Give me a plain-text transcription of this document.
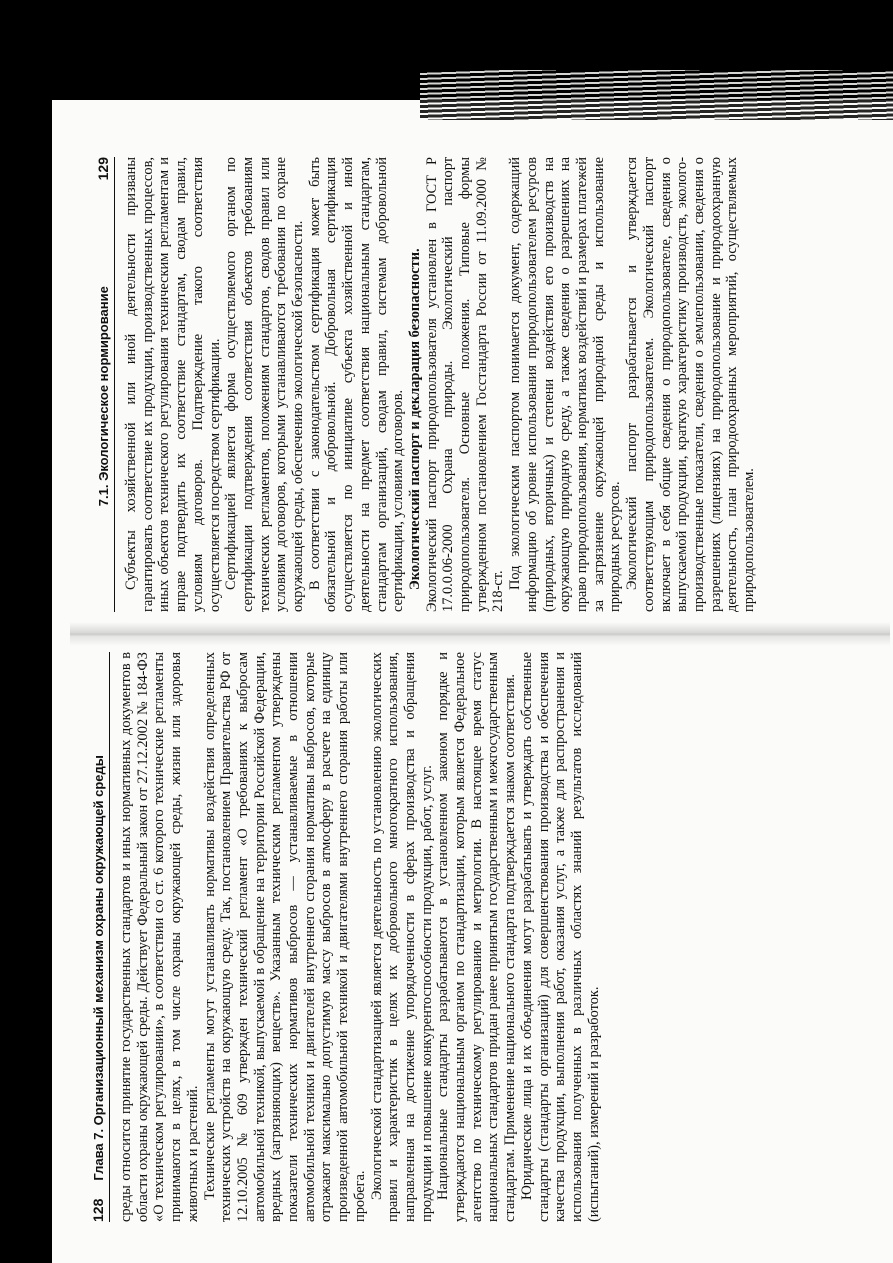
128
Глава 7. Организационный механизм охраны окружающей среды среды относится принятие государственных стандартов и иных нормативных документов в области охраны окружающей среды. Действует Федеральный закон от 27.12.2002 № 184-ФЗ «О техническом регулировании», в соответствии со ст. 6 которого технические регламенты принимаются в целях, в том числе охраны окружающей среды, жизни или здоровья животных и растений. Технические регламенты могут устанавливать нормативы воздействия определенных технических устройств на окружающую среду. Так, постановлением Правительства РФ от 12.10.2005 № 609 утвержден технический регламент «О требованиях к выбросам автомобильной техникой, выпускаемой в обращение на территории Российской Федерации, вредных (загрязняющих) веществ». Указанным техническим регламентом утверждены показатели технических нормативов выбросов — устанавливаемые в отношении автомобильной техники и двигателей внутреннего сгорания нормативы выбросов, которые отражают максимально допустимую массу выбросов в атмосферу в расчете на единицу произведенной автомобильной техникой и двигателями внутреннего сгорания работы или пробега. Экологической стандартизацией является деятельность по установлению экологических правил и характеристик в целях их добровольного многократного использования, направленная на достижение упорядоченности в сферах производства и обращения продукции и повышение конкурентоспособности продукции, работ, услуг. Национальные стандарты разрабатываются в установленном законом порядке и утверждаются национальным органом по стандартизации, которым является Федеральное агентство по техническому регулированию и метрологии. В настоящее время статус национальных стандартов придан ранее принятым государственным и межгосударственным стандартам. Применение национального стандарта подтверждается знаком соответствия. Юридические лица и их объединения могут разрабатывать и утверждать собственные стандарты (стандарты организаций) для совершенствования производства и обеспечения качества продукции, выполнения работ, оказания услуг, а также для распространения и использования полученных в различных областях знаний результатов исследований (испытаний), измерений и разработок.

7.1. Экологическое нормирование
129 Субъекты хозяйственной или иной деятельности призваны гарантировать соответствие их продукции, производственных процессов, иных объектов технического регулирования техническим регламентам и вправе подтвердить их соответствие стандартам, сводам правил, условиям договоров. Подтверждение такого соответствия осуществляется посредством сертификации. Сертификацией является форма осуществляемого органом по сертификации подтверждения соответствия объектов требованиям технических регламентов, положениям стандартов, сводов правил или условиям договоров, которыми устанавливаются требования по охране окружающей среды, обеспечению экологической безопасности. В соответствии с законодательством сертификация может быть обязательной и добровольной. Добровольная сертификация осуществляется по инициативе субъекта хозяйственной и иной деятельности на предмет соответствия национальным стандартам, стандартам организаций, сводам правил, системам добровольной сертификации, условиям договоров. Экологический паспорт и декларация безопасности. Экологический паспорт природопользователя установлен в ГОСТ Р 17.0.0.06-2000 Охрана природы. Экологический паспорт природопользователя. Основные положения. Типовые формы утвержденном постановлением Госстандарта России от 11.09.2000 № 218-ст.

Под экологическим паспортом понимается документ, содержащий информацию об уровне использования природопользователем ресурсов (природных, вторичных) и степени воздействия его производств на окружающую природную среду, а также сведения о разрешениях на право природопользования, нормативах воздействий и размерах платежей за загрязнение окружающей природной среды и использование природных ресурсов. Экологический паспорт разрабатывается и утверждается соответствующим природопользователем. Экологический паспорт включает в себя общие сведения о природопользователе, сведения о выпускаемой продукции, краткую характеристику производств, эколого-производственные показатели, сведения о землепользовании, сведения о разрешениях (лицензиях) на природопользование и природоохранную деятельность, план природоохранных мероприятий, осуществляемых природопользователем.
